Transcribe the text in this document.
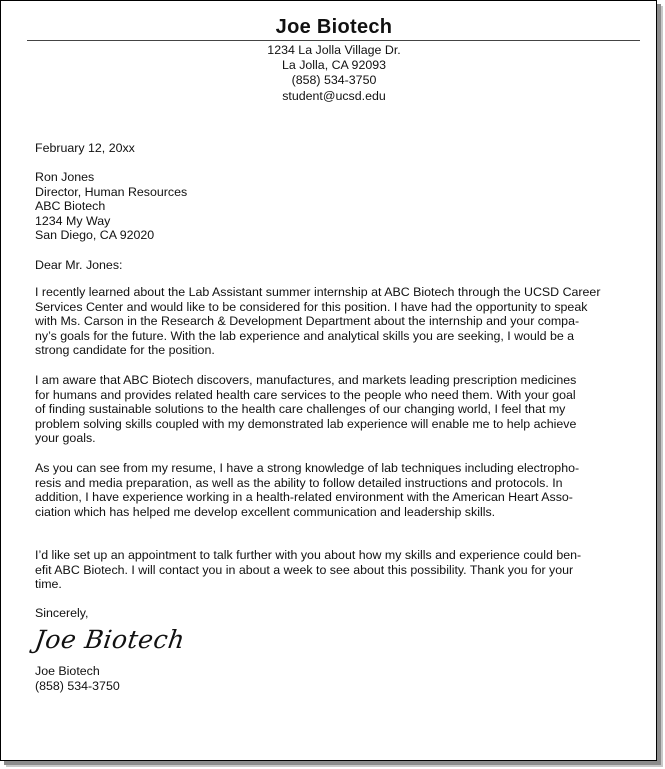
Joe Biotech
1234 La Jolla Village Dr.
La Jolla, CA 92093
(858) 534-3750
student@ucsd.edu
February 12, 20xx
Ron Jones
Director, Human Resources
ABC Biotech
1234 My Way
San Diego, CA 92020
Dear Mr. Jones:
I recently learned about the Lab Assistant summer internship at ABC Biotech through the UCSD Career
Services Center and would like to be considered for this position. I have had the opportunity to speak
with Ms. Carson in the Research & Development Department about the internship and your compa-
ny’s goals for the future. With the lab experience and analytical skills you are seeking, I would be a
strong candidate for the position.
I am aware that ABC Biotech discovers, manufactures, and markets leading prescription medicines
for humans and provides related health care services to the people who need them. With your goal
of finding sustainable solutions to the health care challenges of our changing world, I feel that my
problem solving skills coupled with my demonstrated lab experience will enable me to help achieve
your goals.
As you can see from my resume, I have a strong knowledge of lab techniques including electropho-
resis and media preparation, as well as the ability to follow detailed instructions and protocols. In
addition, I have experience working in a health-related environment with the American Heart Asso-
ciation which has helped me develop excellent communication and leadership skills.
I’d like set up an appointment to talk further with you about how my skills and experience could ben-
efit ABC Biotech. I will contact you in about a week to see about this possibility. Thank you for your
time.
Sincerely,
Joe Biotech
Joe Biotech
(858) 534-3750
